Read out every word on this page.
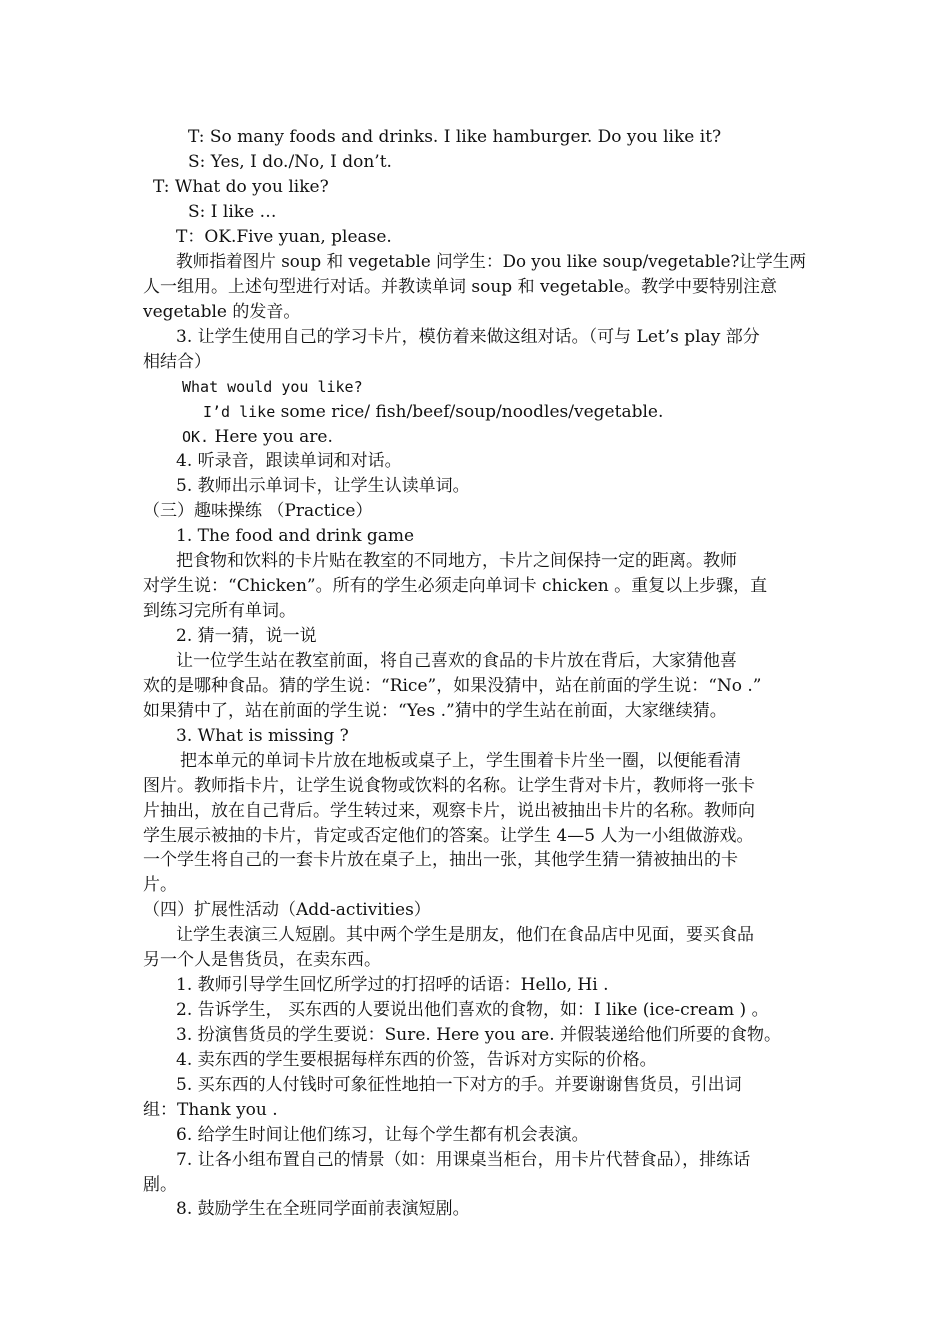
T: So many foods and drinks. I like hamburger. Do you like it?
S: Yes, I do./No, I don’t.
T: What do you like?
S: I like …
T：OK.Five yuan, please.
教师指着图片 soup 和 vegetable 问学生：Do you like soup/vegetable?让学生两
人一组用。上述句型进行对话。并教读单词 soup 和 vegetable。教学中要特别注意
vegetable 的发音。
3. 让学生使用自己的学习卡片，模仿着来做这组对话。（可与 Let’s play 部分
相结合）
What would you like?
I’d like some rice/ fish/beef/soup/noodles/vegetable.
OK. Here you are.
4. 听录音，跟读单词和对话。
5. 教师出示单词卡，让学生认读单词。
（三）趣味操练 （Practice）
1. The food and drink game
把食物和饮料的卡片贴在教室的不同地方，卡片之间保持一定的距离。教师
对学生说：“Chicken”。所有的学生必须走向单词卡 chicken 。重复以上步骤，直
到练习完所有单词。
2. 猜一猜，说一说
让一位学生站在教室前面，将自己喜欢的食品的卡片放在背后，大家猜他喜
欢的是哪种食品。猜的学生说：“Rice”，如果没猜中，站在前面的学生说：“No .”
如果猜中了，站在前面的学生说：“Yes .”猜中的学生站在前面，大家继续猜。
3. What is missing ?
把本单元的单词卡片放在地板或桌子上，学生围着卡片坐一圈，以便能看清
图片。教师指卡片，让学生说食物或饮料的名称。让学生背对卡片，教师将一张卡
片抽出，放在自己背后。学生转过来，观察卡片，说出被抽出卡片的名称。教师向
学生展示被抽的卡片，肯定或否定他们的答案。让学生 4—5 人为一小组做游戏。
一个学生将自己的一套卡片放在桌子上，抽出一张，其他学生猜一猜被抽出的卡
片。
（四）扩展性活动（Add-activities）
让学生表演三人短剧。其中两个学生是朋友，他们在食品店中见面，要买食品
另一个人是售货员，在卖东西。
1. 教师引导学生回忆所学过的打招呼的话语：Hello, Hi .
2. 告诉学生， 买东西的人要说出他们喜欢的食物，如：I like (ice-cream ) 。
3. 扮演售货员的学生要说：Sure. Here you are. 并假装递给他们所要的食物。
4. 卖东西的学生要根据每样东西的价签，告诉对方实际的价格。
5. 买东西的人付钱时可象征性地拍一下对方的手。并要谢谢售货员，引出词
组：Thank you .
6. 给学生时间让他们练习，让每个学生都有机会表演。
7. 让各小组布置自己的情景（如：用课桌当柜台，用卡片代替食品），排练话
剧。
8. 鼓励学生在全班同学面前表演短剧。
